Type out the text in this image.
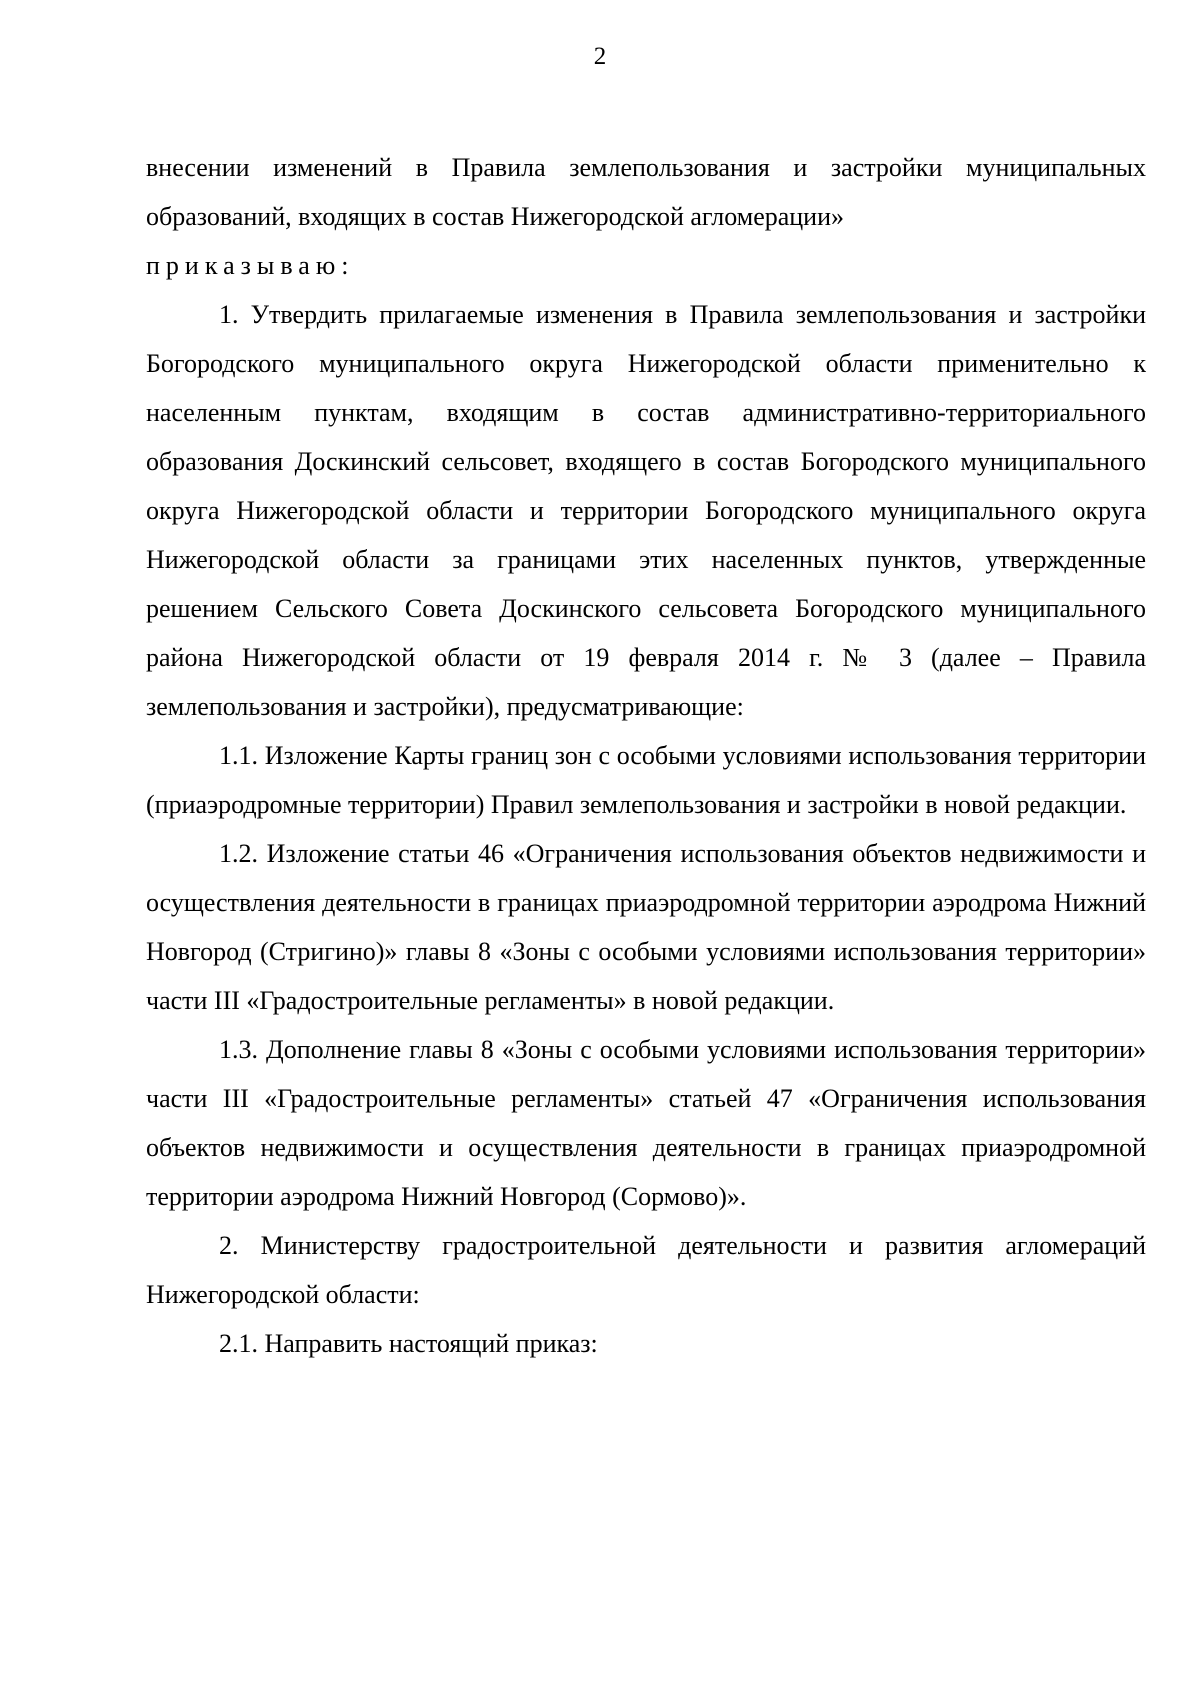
2

внесении изменений в Правила землепользования и застройки муниципальных образований, входящих в состав Нижегородской агломерации»

приказываю:

1. Утвердить прилагаемые изменения в Правила землепользования и застройки Богородского муниципального округа Нижегородской области применительно к населенным пунктам, входящим в состав административно-территориального образования Доскинский сельсовет, входящего в состав Богородского муниципального округа Нижегородской области и территории Богородского муниципального округа Нижегородской области за границами этих населенных пунктов, утвержденные решением Сельского Совета Доскинского сельсовета Богородского муниципального района Нижегородской области от 19 февраля 2014 г. № 3 (далее – Правила землепользования и застройки), предусматривающие:

1.1. Изложение Карты границ зон с особыми условиями использования территории (приаэродромные территории) Правил землепользования и застройки в новой редакции.

1.2. Изложение статьи 46 «Ограничения использования объектов недвижимости и осуществления деятельности в границах приаэродромной территории аэродрома Нижний Новгород (Стригино)» главы 8 «Зоны с особыми условиями использования территории» части III «Градостроительные регламенты» в новой редакции.

1.3. Дополнение главы 8 «Зоны с особыми условиями использования территории» части III «Градостроительные регламенты» статьей 47 «Ограничения использования объектов недвижимости и осуществления деятельности в границах приаэродромной территории аэродрома Нижний Новгород (Сормово)».

2. Министерству градостроительной деятельности и развития агломераций Нижегородской области:

2.1. Направить настоящий приказ:
